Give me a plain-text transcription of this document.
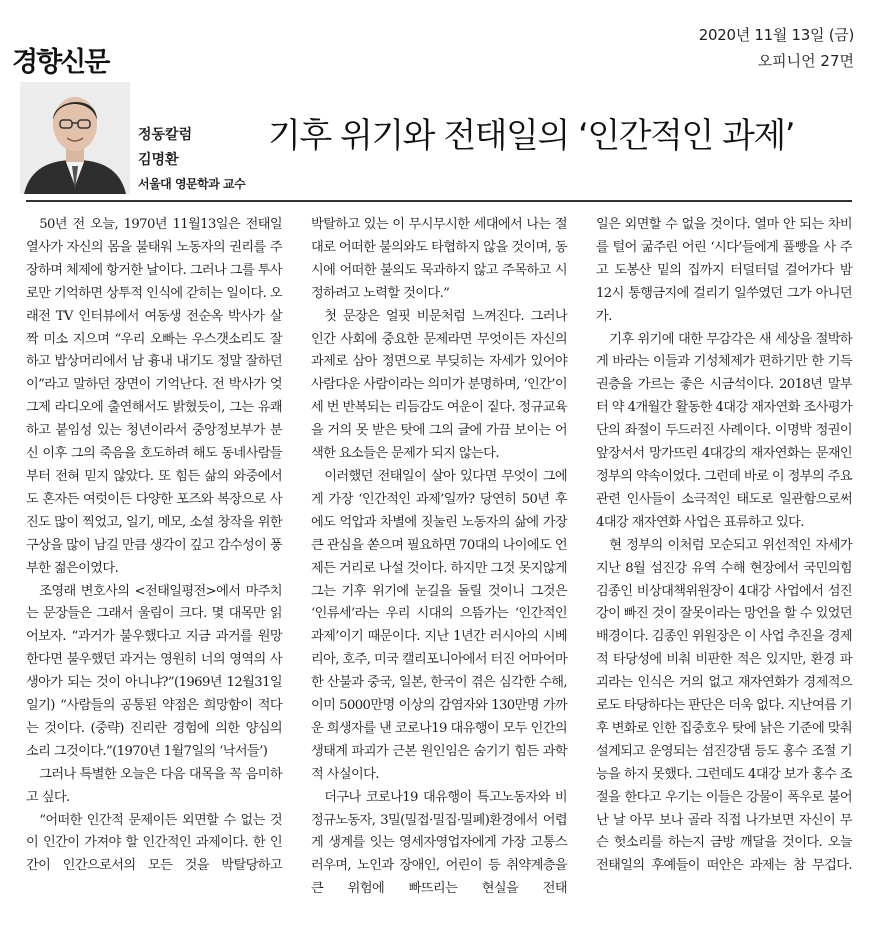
경향신문
2020년 11월 13일 (금)
오피니언 27면
정동칼럼
김명환
서울대 영문학과 교수
기후 위기와 전태일의 ‘인간적인 과제’

50년 전 오늘, 1970년 11월13일은 전태일 열사가 자신의 몸을 불태워 노동자의 권리를 주장하며 체제에 항거한 날이다. 그러나 그를 투사로만 기억하면 상투적 인식에 갇히는 일이다. 오래전 TV 인터뷰에서 여동생 전순옥 박사가 살짝 미소 지으며 “우리 오빠는 우스갯소리도 잘하고 밥상머리에서 남 흉내 내기도 정말 잘하던 이”라고 말하던 장면이 기억난다. 전 박사가 엊그제 라디오에 출연해서도 밝혔듯이, 그는 유쾌하고 붙임성 있는 청년이라서 중앙정보부가 분신 이후 그의 죽음을 호도하려 해도 동네사람들부터 전혀 믿지 않았다. 또 힘든 삶의 와중에서도 혼자든 여럿이든 다양한 포즈와 복장으로 사진도 많이 찍었고, 일기, 메모, 소설 창작을 위한 구상을 많이 남길 만큼 생각이 깊고 감수성이 풍부한 젊은이였다.

조영래 변호사의 <전태일평전>에서 마주치는 문장들은 그래서 울림이 크다. 몇 대목만 읽어보자. “과거가 불우했다고 지금 과거를 원망한다면 불우했던 과거는 영원히 너의 영역의 사생아가 되는 것이 아니냐?”(1969년 12월31일 일기) “사람들의 공통된 약점은 희망함이 적다는 것이다. (중략) 진리란 경험에 의한 양심의 소리 그것이다.”(1970년 1월7일의 ‘낙서들’)

그러나 특별한 오늘은 다음 대목을 꼭 음미하고 싶다.

“어떠한 인간적 문제이든 외면할 수 없는 것이 인간이 가져야 할 인간적인 과제이다. 한 인간이 인간으로서의 모든 것을 박탈당하고

박탈하고 있는 이 무시무시한 세대에서 나는 절대로 어떠한 불의와도 타협하지 않을 것이며, 동시에 어떠한 불의도 묵과하지 않고 주목하고 시정하려고 노력할 것이다.”

첫 문장은 얼핏 비문처럼 느껴진다. 그러나 인간 사회에 중요한 문제라면 무엇이든 자신의 과제로 삼아 정면으로 부딪히는 자세가 있어야 사람다운 사람이라는 의미가 분명하며, ‘인간’이 세 번 반복되는 리듬감도 여운이 짙다. 정규교육을 거의 못 받은 탓에 그의 글에 가끔 보이는 어색한 요소들은 문제가 되지 않는다.

이러했던 전태일이 살아 있다면 무엇이 그에게 가장 ‘인간적인 과제’일까? 당연히 50년 후에도 억압과 차별에 짓눌린 노동자의 삶에 가장 큰 관심을 쏟으며 필요하면 70대의 나이에도 언제든 거리로 나설 것이다. 하지만 그것 못지않게 그는 기후 위기에 눈길을 돌릴 것이니 그것은 ‘인류세’라는 우리 시대의 으뜸가는 ‘인간적인 과제’이기 때문이다. 지난 1년간 러시아의 시베리아, 호주, 미국 캘리포니아에서 터진 어마어마한 산불과 중국, 일본, 한국이 겪은 심각한 수해, 이미 5000만명 이상의 감염자와 130만명 가까운 희생자를 낸 코로나19 대유행이 모두 인간의 생태계 파괴가 근본 원인임은 숨기기 힘든 과학적 사실이다.

더구나 코로나19 대유행이 특고노동자와 비정규노동자, 3밀(밀접·밀집·밀폐)환경에서 어렵게 생계를 잇는 영세자영업자에게 가장 고통스러우며, 노인과 장애인, 어린이 등 취약계층을 큰 위험에 빠뜨리는 현실을 전태

일은 외면할 수 없을 것이다. 열마 안 되는 차비를 털어 굶주린 어린 ‘시다’들에게 풀빵을 사 주고 도봉산 밑의 집까지 터덜터덜 걸어가다 밤 12시 통행금지에 걸리기 일쑤였던 그가 아니던가.

기후 위기에 대한 무감각은 새 세상을 절박하게 바라는 이들과 기성체제가 편하기만 한 기득권층을 가르는 좋은 시금석이다. 2018년 말부터 약 4개월간 활동한 4대강 재자연화 조사평가단의 좌절이 두드러진 사례이다. 이명박 정권이 앞장서서 망가뜨린 4대강의 재자연화는 문재인 정부의 약속이었다. 그런데 바로 이 정부의 주요 관련 인사들이 소극적인 태도로 일관함으로써 4대강 재자연화 사업은 표류하고 있다.

현 정부의 이처럼 모순되고 위선적인 자세가 지난 8월 섬진강 유역 수해 현장에서 국민의힘 김종인 비상대책위원장이 4대강 사업에서 섬진강이 빠진 것이 잘못이라는 망언을 할 수 있었던 배경이다. 김종인 위원장은 이 사업 추진을 경제적 타당성에 비춰 비판한 적은 있지만, 환경 파괴라는 인식은 거의 없고 재자연화가 경제적으로도 타당하다는 판단은 더욱 없다. 지난여름 기후 변화로 인한 집중호우 탓에 낡은 기준에 맞춰 설계되고 운영되는 섬진강댐 등도 홍수 조절 기능을 하지 못했다. 그런데도 4대강 보가 홍수 조절을 한다고 우기는 이들은 강물이 폭우로 불어난 날 아무 보나 골라 직접 나가보면 자신이 무슨 헛소리를 하는지 금방 깨달을 것이다. 오늘 전태일의 후예들이 떠안은 과제는 참 무겁다.
